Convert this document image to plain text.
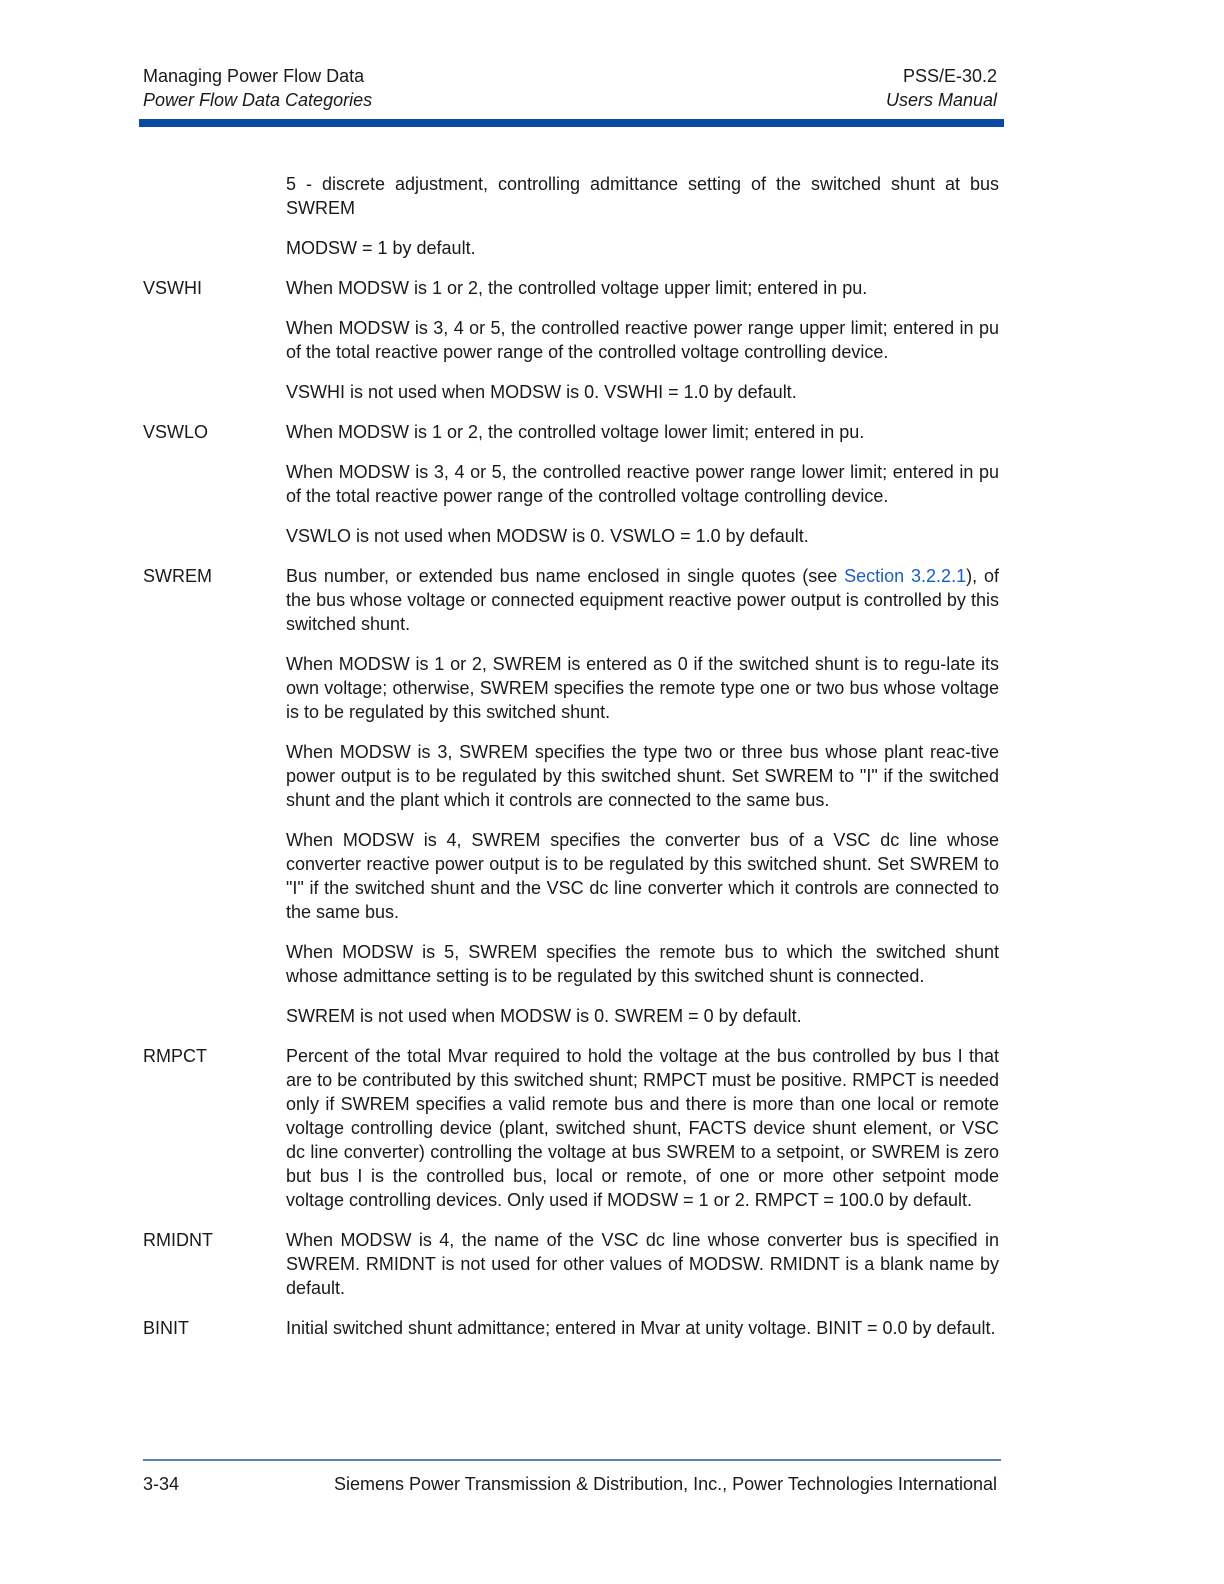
Managing Power Flow Data
Power Flow Data Categories
PSS/E-30.2
Users Manual

5 - discrete adjustment, controlling admittance setting of the switched shunt at bus SWREM

MODSW = 1 by default.

VSWHI	When MODSW is 1 or 2, the controlled voltage upper limit; entered in pu.

When MODSW is 3, 4 or 5, the controlled reactive power range upper limit; entered in pu of the total reactive power range of the controlled voltage controlling device.

VSWHI is not used when MODSW is 0. VSWHI = 1.0 by default.

VSWLO	When MODSW is 1 or 2, the controlled voltage lower limit; entered in pu.

When MODSW is 3, 4 or 5, the controlled reactive power range lower limit; entered in pu of the total reactive power range of the controlled voltage controlling device.

VSWLO is not used when MODSW is 0. VSWLO = 1.0 by default.

SWREM	Bus number, or extended bus name enclosed in single quotes (see Section 3.2.2.1), of the bus whose voltage or connected equipment reactive power output is controlled by this switched shunt.

When MODSW is 1 or 2, SWREM is entered as 0 if the switched shunt is to regu-late its own voltage; otherwise, SWREM specifies the remote type one or two bus whose voltage is to be regulated by this switched shunt.

When MODSW is 3, SWREM specifies the type two or three bus whose plant reac-tive power output is to be regulated by this switched shunt. Set SWREM to "I" if the switched shunt and the plant which it controls are connected to the same bus.

When MODSW is 4, SWREM specifies the converter bus of a VSC dc line whose converter reactive power output is to be regulated by this switched shunt. Set SWREM to "I" if the switched shunt and the VSC dc line converter which it controls are connected to the same bus.

When MODSW is 5, SWREM specifies the remote bus to which the switched shunt whose admittance setting is to be regulated by this switched shunt is connected.

SWREM is not used when MODSW is 0. SWREM = 0 by default.

RMPCT	Percent of the total Mvar required to hold the voltage at the bus controlled by bus I that are to be contributed by this switched shunt; RMPCT must be positive. RMPCT is needed only if SWREM specifies a valid remote bus and there is more than one local or remote voltage controlling device (plant, switched shunt, FACTS device shunt element, or VSC dc line converter) controlling the voltage at bus SWREM to a setpoint, or SWREM is zero but bus I is the controlled bus, local or remote, of one or more other setpoint mode voltage controlling devices. Only used if MODSW = 1 or 2. RMPCT = 100.0 by default.

RMIDNT	When MODSW is 4, the name of the VSC dc line whose converter bus is specified in SWREM. RMIDNT is not used for other values of MODSW. RMIDNT is a blank name by default.

BINIT	Initial switched shunt admittance; entered in Mvar at unity voltage. BINIT = 0.0 by default.

3-34	Siemens Power Transmission & Distribution, Inc., Power Technologies International
